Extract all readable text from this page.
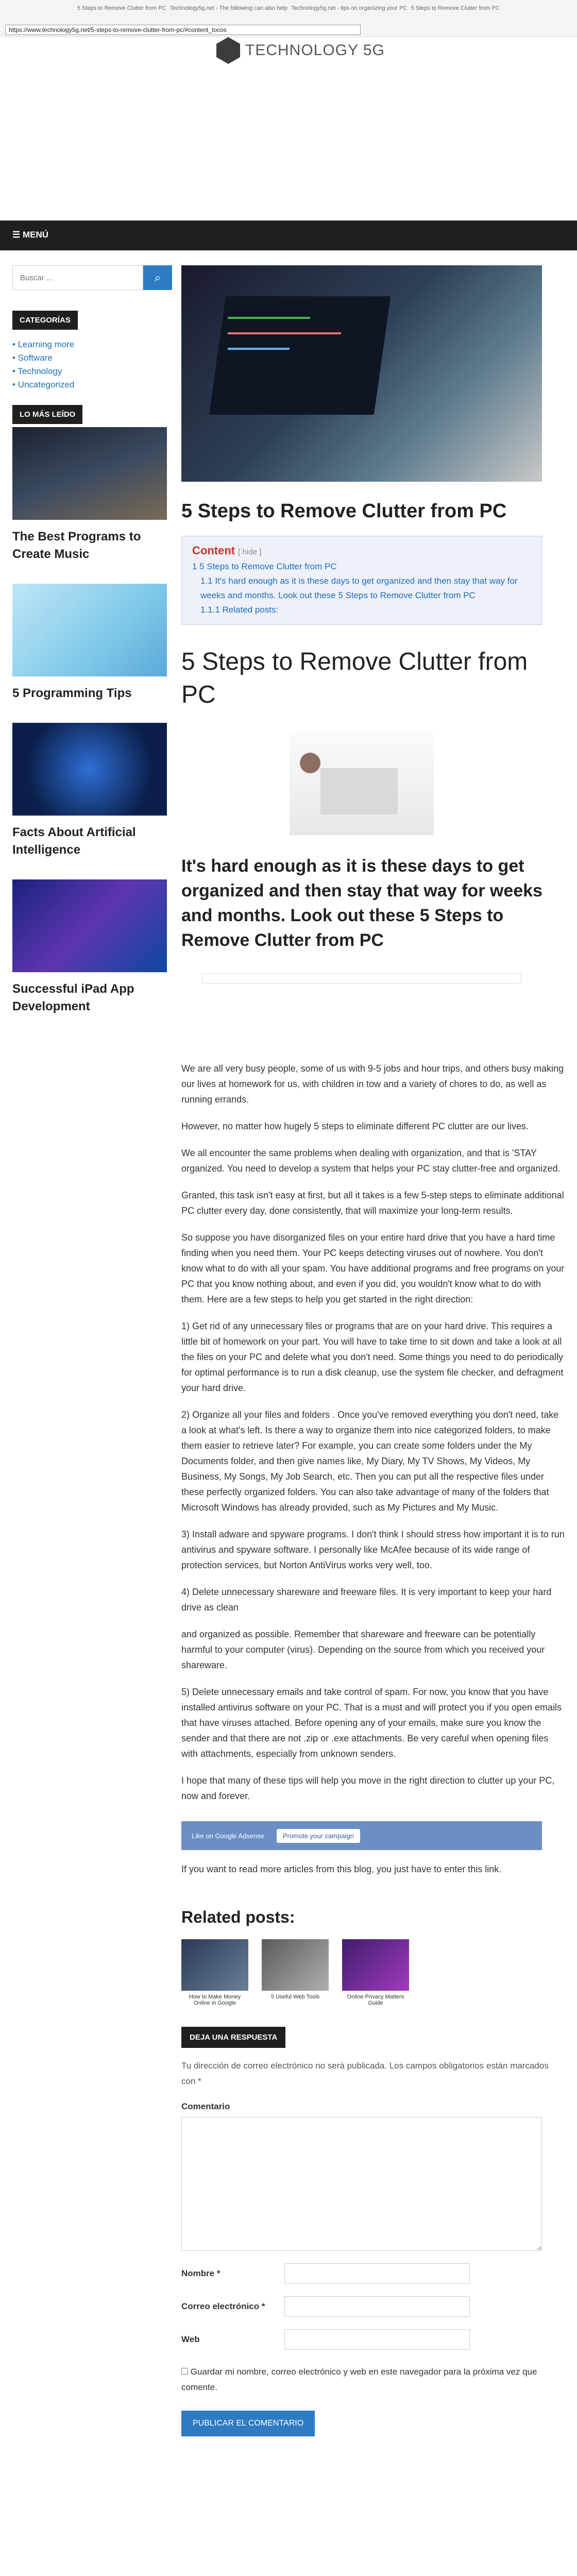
5 Steps to Remove Clutter from PC Technology5g.net - The following can also help Technology5g.net - tips on organizing your PC 5 Steps to Remove Clutter from PC
https://www.technology5g.net/5-steps-to-remove-clutter-from-pc/#content_tocos
TECHNOLOGY 5G
☰ MENÚ
Buscar ...
⌕
CATEGORÍAS
• Learning more
• Software
• Technology
• Uncategorized
LO MÁS LEÍDO
The Best Programs to Create Music
5 Programming Tips
Facts About Artificial Intelligence
Successful iPad App Development
5 Steps to Remove Clutter from PC
Content [ hide ]
1 5 Steps to Remove Clutter from PC
1.1 It's hard enough as it is these days to get organized and then stay that way for weeks and months. Look out these 5 Steps to Remove Clutter from PC
1.1.1 Related posts:
5 Steps to Remove Clutter from PC
It's hard enough as it is these days to get organized and then stay that way for weeks and months. Look out these 5 Steps to Remove Clutter from PC

We are all very busy people, some of us with 9-5 jobs and hour trips, and others busy making our lives at homework for us, with children in tow and a variety of chores to do, as well as running errands.

However, no matter how hugely 5 steps to eliminate different PC clutter are our lives.

We all encounter the same problems when dealing with organization, and that is 'STAY organized. You need to develop a system that helps your PC stay clutter-free and organized.

Granted, this task isn't easy at first, but all it takes is a few 5-step steps to eliminate additional PC clutter every day, done consistently, that will maximize your long-term results.

So suppose you have disorganized files on your entire hard drive that you have a hard time finding when you need them. Your PC keeps detecting viruses out of nowhere. You don't know what to do with all your spam. You have additional programs and free programs on your PC that you know nothing about, and even if you did, you wouldn't know what to do with them. Here are a few steps to help you get started in the right direction:

1) Get rid of any unnecessary files or programs that are on your hard drive. This requires a little bit of homework on your part. You will have to take time to sit down and take a look at all the files on your PC and delete what you don't need. Some things you need to do periodically for optimal performance is to run a disk cleanup, use the system file checker, and defragment your hard drive.

2) Organize all your files and folders . Once you've removed everything you don't need, take a look at what's left. Is there a way to organize them into nice categorized folders, to make them easier to retrieve later? For example, you can create some folders under the My Documents folder, and then give names like, My Diary, My TV Shows, My Videos, My Business, My Songs, My Job Search, etc. Then you can put all the respective files under these perfectly organized folders. You can also take advantage of many of the folders that Microsoft Windows has already provided, such as My Pictures and My Music.

3) Install adware and spyware programs. I don't think I should stress how important it is to run antivirus and spyware software. I personally like McAfee because of its wide range of protection services, but Norton AntiVirus works very well, too.

4) Delete unnecessary shareware and freeware files. It is very important to keep your hard drive as clean

and organized as possible. Remember that shareware and freeware can be potentially harmful to your computer (virus). Depending on the source from which you received your shareware.

5) Delete unnecessary emails and take control of spam. For now, you know that you have installed antivirus software on your PC. That is a must and will protect you if you open emails that have viruses attached. Before opening any of your emails, make sure you know the sender and that there are not .zip or .exe attachments. Be very careful when opening files with attachments, especially from unknown senders.

I hope that many of these tips will help you move in the right direction to clutter up your PC, now and forever.

Like on Google Adsense	Promote your campaign

If you want to read more articles from this blog, you just have to enter this link.

Related posts:

How to Make Money Online in Google

5 Useful Web Tools	Online Privacy Matters Guide

DEJA UNA RESPUESTA

Tu dirección de correo electrónico no será publicada. Los campos obligatorios están marcados con *

Comentario
Nombre *
Correo electrónico *
Web
Guardar mi nombre, correo electrónico y web en este navegador para la próxima vez que comente.
PUBLICAR EL COMENTARIO
